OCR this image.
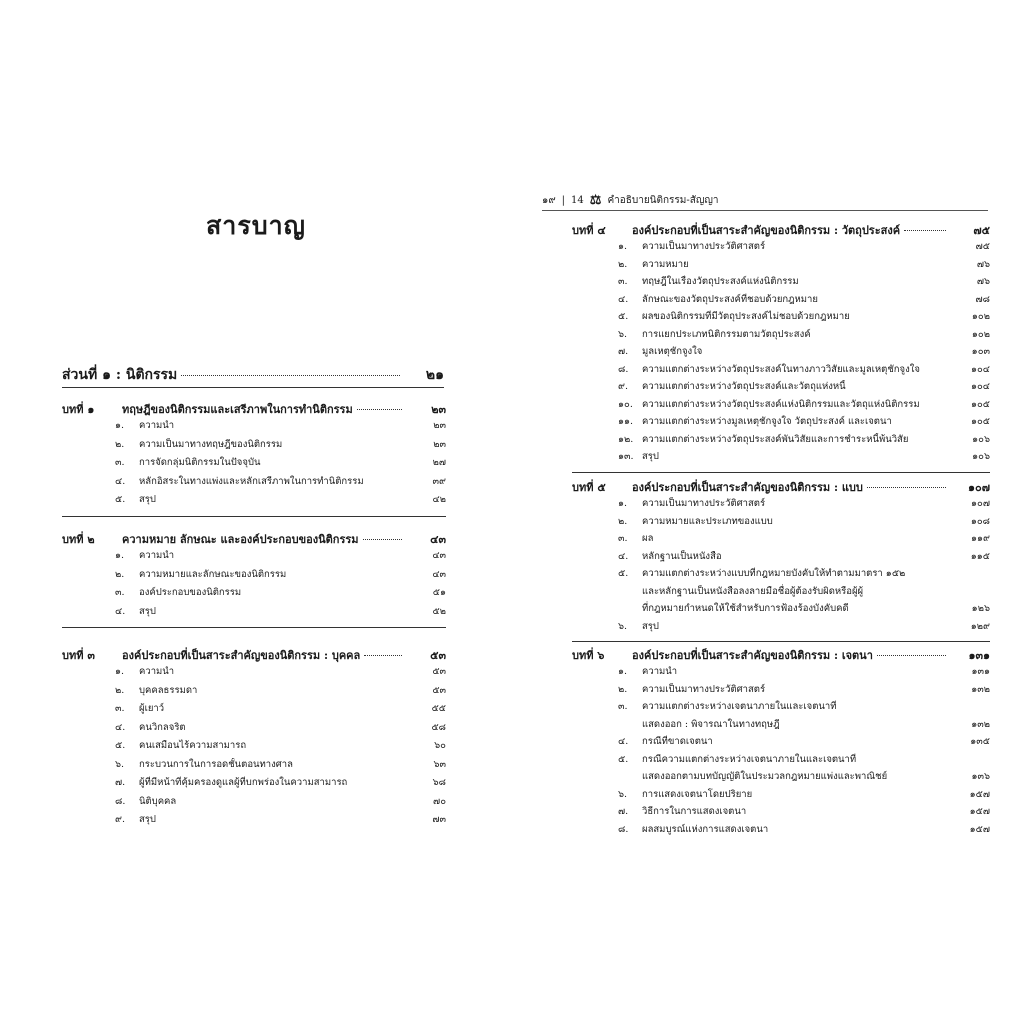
สารบาญ
๑๙ | 14 ⚖ คำอธิบายนิติกรรม-สัญญา
ส่วนที่ ๑ : นิติกรรม	๒๑
บทที่ ๑	ทฤษฎีของนิติกรรมและเสรีภาพในการทำนิติกรรม	๒๓
๑.	ความนำ	๒๓
๒.	ความเป็นมาทางทฤษฎีของนิติกรรม	๒๓
๓.	การจัดกลุ่มนิติกรรมในปัจจุบัน	๒๗
๔.	หลักอิสระในทางแพ่งและหลักเสรีภาพในการทำนิติกรรม	๓๙
๕.	สรุป	๔๒
บทที่ ๒	ความหมาย ลักษณะ และองค์ประกอบของนิติกรรม	๔๓
๑.	ความนำ	๔๓
๒.	ความหมายและลักษณะของนิติกรรม	๔๓
๓.	องค์ประกอบของนิติกรรม	๕๑
๔.	สรุป	๕๒
บทที่ ๓	องค์ประกอบที่เป็นสาระสำคัญของนิติกรรม : บุคคล	๕๓
๑.	ความนำ	๕๓
๒.	บุคคลธรรมดา	๕๓
๓.	ผู้เยาว์	๕๕
๔.	คนวิกลจริต	๕๘
๕.	คนเสมือนไร้ความสามารถ	๖๐
๖.	กระบวนการในการอดชั้นตอนทางศาล	๖๓
๗.	ผู้ที่มีหน้าที่คุ้มครองดูแลผู้ที่บกพร่องในความสามารถ	๖๘
๘.	นิติบุคคล	๗๐
๙.	สรุป	๗๓
บทที่ ๔	องค์ประกอบที่เป็นสาระสำคัญของนิติกรรม : วัตถุประสงค์	๗๕
๑.	ความเป็นมาทางประวัติศาสตร์	๗๕
๒.	ความหมาย	๗๖
๓.	ทฤษฎีในเรื่องวัตถุประสงค์แห่งนิติกรรม	๗๖
๔.	ลักษณะของวัตถุประสงค์ที่ชอบด้วยกฎหมาย	๗๘
๕.	ผลของนิติกรรมที่มีวัตถุประสงค์ไม่ชอบด้วยกฎหมาย	๑๐๒
๖.	การแยกประเภทนิติกรรมตามวัตถุประสงค์	๑๐๒
๗.	มูลเหตุชักจูงใจ	๑๐๓
๘.	ความแตกต่างระหว่างวัตถุประสงค์ในทางภาววิสัยและมูลเหตุชักจูงใจ	๑๐๔
๙.	ความแตกต่างระหว่างวัตถุประสงค์และวัตถุแห่งหนี้	๑๐๔
๑๐. ความแตกต่างระหว่างวัตถุประสงค์แห่งนิติกรรมและวัตถุแห่งนิติกรรม	๑๐๕
๑๑. ความแตกต่างระหว่างมูลเหตุชักจูงใจ วัตถุประสงค์ และเจตนา	๑๐๕
๑๒. ความแตกต่างระหว่างวัตถุประสงค์พันวิสัยและการชำระหนี้พ้นวิสัย	๑๐๖
๑๓. สรุป	๑๐๖
บทที่ ๕	องค์ประกอบที่เป็นสาระสำคัญของนิติกรรม : แบบ	๑๐๗
๑.	ความเป็นมาทางประวัติศาสตร์	๑๐๗
๒.	ความหมายและประเภทของแบบ	๑๐๘
๓.	ผล	๑๑๙
๔.	หลักฐานเป็นหนังสือ	๑๑๕
๕.	ความแตกต่างระหว่างแบบที่กฎหมายบังคับให้ทำตามมาตรา ๑๕๒
และหลักฐานเป็นหนังสือลงลายมือชื่อผู้ต้องรับผิดหรือผู้ผู้
ที่กฎหมายกำหนดให้ใช้สำหรับการฟ้องร้องบังคับคดี	๑๒๖
๖.	สรุป	๑๒๙
บทที่ ๖	องค์ประกอบที่เป็นสาระสำคัญของนิติกรรม : เจตนา	๑๓๑
๑.	ความนำ	๑๓๑
๒.	ความเป็นมาทางประวัติศาสตร์	๑๓๒
๓.	ความแตกต่างระหว่างเจตนาภายในและเจตนาที่
แสดงออก : พิจารณาในทางทฤษฎี	๑๓๒
๔.	กรณีที่ขาดเจตนา	๑๓๕
๕.	กรณีความแตกต่างระหว่างเจตนาภายในและเจตนาที่
แสดงออกตามบทบัญญัติในประมวลกฎหมายแพ่งและพาณิชย์	๑๓๖
๖.	การแสดงเจตนาโดยปริยาย	๑๕๗
๗.	วิธีการในการแสดงเจตนา	๑๕๗
๘.	ผลสมบูรณ์แห่งการแสดงเจตนา	๑๕๗
